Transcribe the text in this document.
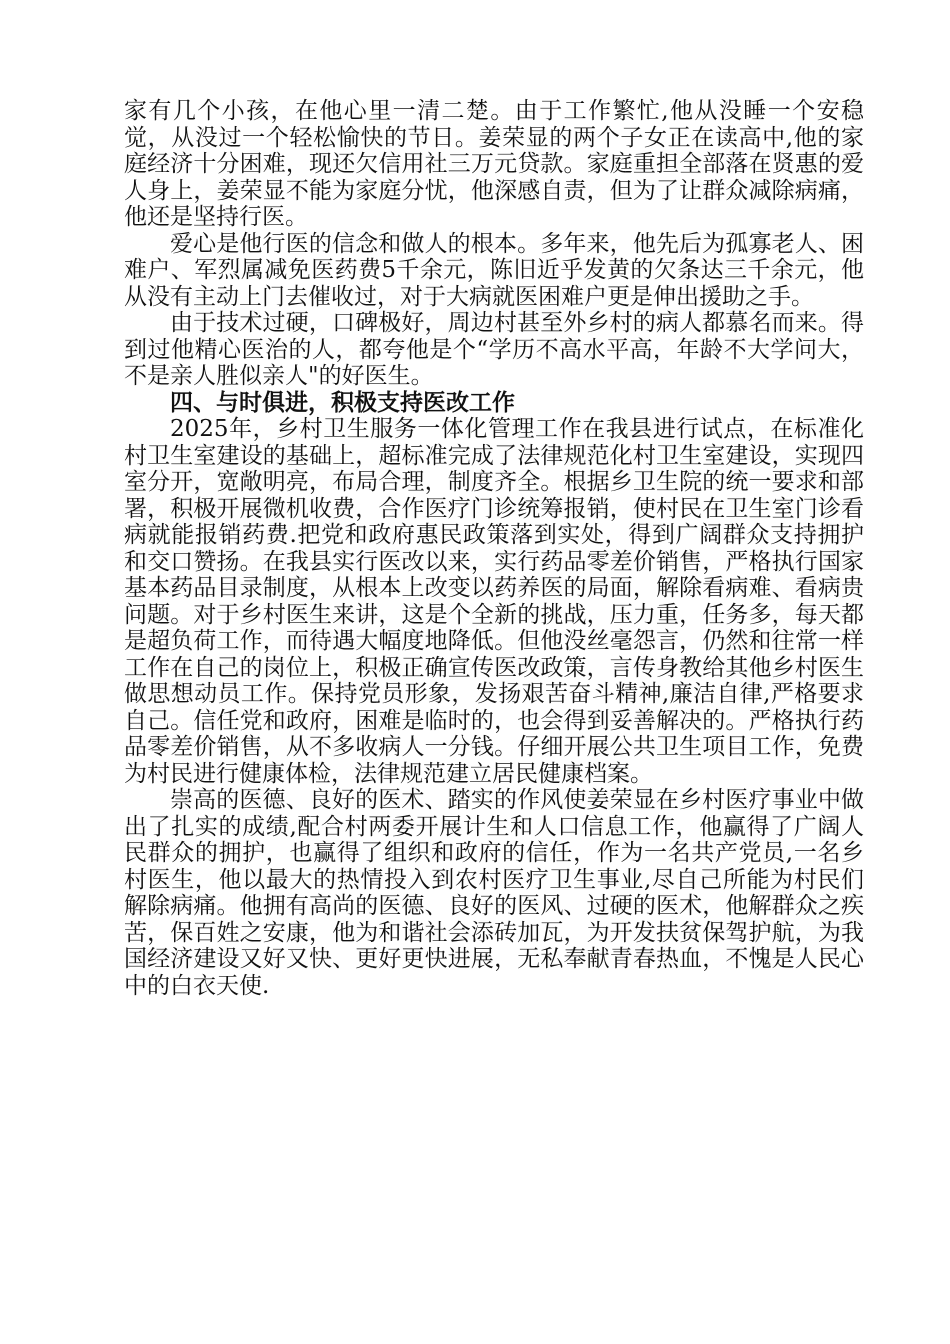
家有几个小孩，在他心里一清二楚。由于工作繁忙,他从没睡一个安稳觉，从没过一个轻松愉快的节日。姜荣显的两个子女正在读高中,他的家庭经济十分困难，现还欠信用社三万元贷款。家庭重担全部落在贤惠的爱人身上，姜荣显不能为家庭分忧，他深感自责，但为了让群众减除病痛，他还是坚持行医。

爱心是他行医的信念和做人的根本。多年来，他先后为孤寡老人、困难户、军烈属减免医药费5千余元，陈旧近乎发黄的欠条达三千余元，他从没有主动上门去催收过，对于大病就医困难户更是伸出援助之手。

由于技术过硬，口碑极好，周边村甚至外乡村的病人都慕名而来。得到过他精心医治的人，都夸他是个“学历不高水平高，年龄不大学问大，不是亲人胜似亲人"的好医生。

四、与时俱进，积极支持医改工作

2025年，乡村卫生服务一体化管理工作在我县进行试点，在标准化村卫生室建设的基础上，超标准完成了法律规范化村卫生室建设，实现四室分开，宽敞明亮，布局合理，制度齐全。根据乡卫生院的统一要求和部署，积极开展微机收费，合作医疗门诊统筹报销，使村民在卫生室门诊看病就能报销药费.把党和政府惠民政策落到实处，得到广阔群众支持拥护和交口赞扬。在我县实行医改以来，实行药品零差价销售，严格执行国家基本药品目录制度，从根本上改变以药养医的局面，解除看病难、看病贵问题。对于乡村医生来讲，这是个全新的挑战，压力重，任务多，每天都是超负荷工作，而待遇大幅度地降低。但他没丝毫怨言，仍然和往常一样工作在自己的岗位上，积极正确宣传医改政策，言传身教给其他乡村医生做思想动员工作。保持党员形象，发扬艰苦奋斗精神,廉洁自律,严格要求自己。信任党和政府，困难是临时的，也会得到妥善解决的。严格执行药品零差价销售，从不多收病人一分钱。仔细开展公共卫生项目工作，免费为村民进行健康体检，法律规范建立居民健康档案。

崇高的医德、良好的医术、踏实的作风使姜荣显在乡村医疗事业中做出了扎实的成绩,配合村两委开展计生和人口信息工作，他赢得了广阔人民群众的拥护，也赢得了组织和政府的信任，作为一名共产党员,一名乡村医生，他以最大的热情投入到农村医疗卫生事业,尽自己所能为村民们解除病痛。他拥有高尚的医德、良好的医风、过硬的医术，他解群众之疾苦，保百姓之安康，他为和谐社会添砖加瓦，为开发扶贫保驾护航，为我国经济建设又好又快、更好更快进展，无私奉献青春热血，不愧是人民心中的白衣天使.
